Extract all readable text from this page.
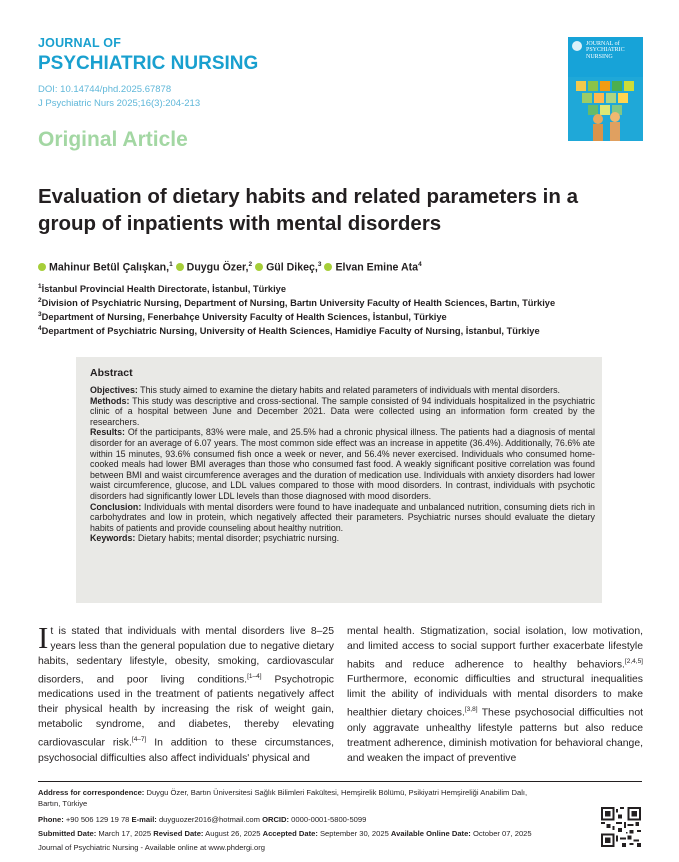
JOURNAL OF
PSYCHIATRIC NURSING
DOI: 10.14744/phd.2025.67878
J Psychiatric Nurs 2025;16(3):204-213
Original Article
JOURNAL of PSYCHIATRIC NURSING
Evaluation of dietary habits and related parameters in a group of inpatients with mental disorders
Mahinur Betül Çalışkan,$^1$ Duygu Özer,$^2$ Gül Dikeç,$^3$ Elvan Emine Ata$^4$
$^1$İstanbul Provincial Health Directorate, İstanbul, Türkiye
$^2$Division of Psychiatric Nursing, Department of Nursing, Bartın University Faculty of Health Sciences, Bartın, Türkiye
$^3$Department of Nursing, Fenerbahçe University Faculty of Health Sciences, İstanbul, Türkiye
$^4$Department of Psychiatric Nursing, University of Health Sciences, Hamidiye Faculty of Nursing, İstanbul, Türkiye
Abstract

Objectives: This study aimed to examine the dietary habits and related parameters of individuals with mental disorders.

Methods: This study was descriptive and cross-sectional. The sample consisted of 94 individuals hospitalized in the psychiatric clinic of a hospital between June and December 2021. Data were collected using an information form created by the researchers.

Results: Of the participants, 83% were male, and 25.5% had a chronic physical illness. The patients had a diagnosis of mental disorder for an average of 6.07 years. The most common side effect was an increase in appetite (36.4%). Additionally, 76.6% ate within 15 minutes, 93.6% consumed fish once a week or never, and 56.4% never exercised. Individuals who consumed home-cooked meals had lower BMI averages than those who consumed fast food. A weakly significant positive correlation was found between BMI and waist circumference averages and the duration of medication use. Individuals with anxiety disorders had lower waist circumference, glucose, and LDL values compared to those with mood disorders. In contrast, individuals with psychotic disorders had significantly lower LDL levels than those diagnosed with mood disorders.

Conclusion: Individuals with mental disorders were found to have inadequate and unbalanced nutrition, consuming diets rich in carbohydrates and low in protein, which negatively affected their parameters. Psychiatric nurses should evaluate the dietary habits of patients and provide counseling about healthy nutrition.

Keywords: Dietary habits; mental disorder; psychiatric nursing.

It is stated that individuals with mental disorders live 8–25 years less than the general population due to negative dietary habits, sedentary lifestyle, obesity, smoking, cardiovascular disorders, and poor living conditions.[1–4] Psychotropic medications used in the treatment of patients negatively affect their physical health by increasing the risk of weight gain, metabolic syndrome, and diabetes, thereby elevating cardiovascular risk.[4–7] In addition to these circumstances, psychosocial difficulties also affect individuals' physical and

mental health. Stigmatization, social isolation, low motivation, and limited access to social support further exacerbate lifestyle habits and reduce adherence to healthy behaviors.[2,4,5] Furthermore, economic difficulties and structural inequalities limit the ability of individuals with mental disorders to make healthier dietary choices.[3,8] These psychosocial difficulties not only aggravate unhealthy lifestyle patterns but also reduce treatment adherence, diminish motivation for behavioral change, and weaken the impact of preventive

Address for correspondence: Duygu Özer, Bartın Üniversitesi Sağlık Bilimleri Fakültesi, Hemşirelik Bölümü, Psikiyatri Hemşireliği Anabilim Dalı, Bartın, Türkiye
Phone: +90 506 129 19 78 E-mail: duyguozer2016@hotmail.com ORCID: 0000-0001-5800-5099
Submitted Date: March 17, 2025 Revised Date: August 26, 2025 Accepted Date: September 30, 2025 Available Online Date: October 07, 2025
Journal of Psychiatric Nursing - Available online at www.phdergi.org
